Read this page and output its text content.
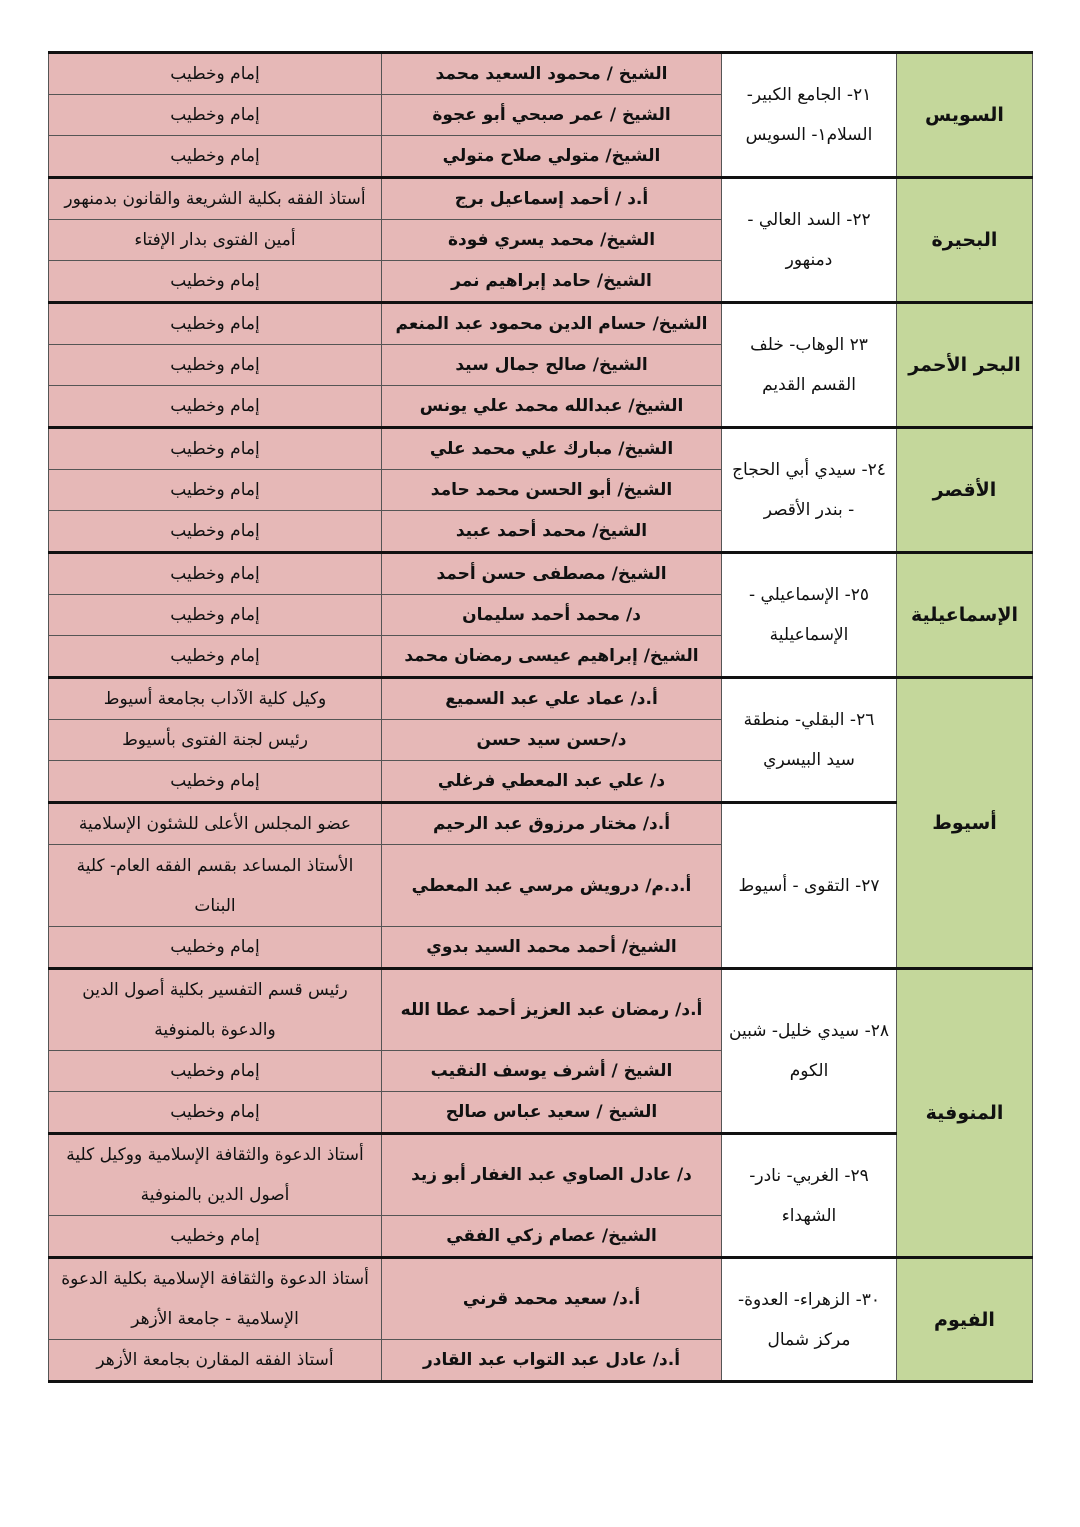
السويس	٢١- الجامع الكبير- السلام١- السويس	الشيخ / محمود السعيد محمد	إمام وخطيب
		الشيخ / عمر صبحي أبو عجوة	إمام وخطيب
		الشيخ/ متولي صلاح متولي	إمام وخطيب
البحيرة	٢٢- السد العالي - دمنهور	أ.د / أحمد إسماعيل برج	أستاذ الفقه بكلية الشريعة والقانون بدمنهور
		الشيخ/ محمد يسري فودة	أمين الفتوى بدار الإفتاء
		الشيخ/ حامد إبراهيم نمر	إمام وخطيب
البحر الأحمر	٢٣ الوهاب- خلف القسم القديم	الشيخ/ حسام الدين محمود عبد المنعم	إمام وخطيب
		الشيخ/ صالح جمال سيد	إمام وخطيب
		الشيخ/ عبدالله محمد علي يونس	إمام وخطيب
الأقصر	٢٤- سيدي أبي الحجاج - بندر الأقصر	الشيخ/ مبارك علي محمد علي	إمام وخطيب
		الشيخ/ أبو الحسن محمد حامد	إمام وخطيب
		الشيخ/ محمد أحمد عبيد	إمام وخطيب
الإسماعيلية	٢٥- الإسماعيلي - الإسماعيلية	الشيخ/ مصطفى حسن أحمد	إمام وخطيب
		د/ محمد أحمد سليمان	إمام وخطيب
		الشيخ/ إبراهيم عيسى رمضان محمد	إمام وخطيب
أسيوط	٢٦- البقلي- منطقة سيد البيسري	أ.د/ عماد علي عبد السميع	وكيل كلية الآداب بجامعة أسيوط
		د/حسن سيد حسن	رئيس لجنة الفتوى بأسيوط
		د/ علي عبد المعطي فرغلي	إمام وخطيب
	٢٧- التقوى - أسيوط	أ.د/ مختار مرزوق عبد الرحيم	عضو المجلس الأعلى للشئون الإسلامية
		أ.د.م/ درويش مرسي عبد المعطي	الأستاذ المساعد بقسم الفقه العام- كلية البنات
		الشيخ/ أحمد محمد السيد بدوي	إمام وخطيب
المنوفية	٢٨- سيدي خليل- شبين الكوم	أ.د/ رمضان عبد العزيز أحمد عطا الله	رئيس قسم التفسير بكلية أصول الدين والدعوة بالمنوفية
		الشيخ / أشرف يوسف النقيب	إمام وخطيب
		الشيخ / سعيد عباس صالح	إمام وخطيب
	٢٩- الغربي- نادر- الشهداء	د/ عادل الصاوي عبد الغفار أبو زيد	أستاذ الدعوة والثقافة الإسلامية ووكيل كلية أصول الدين بالمنوفية
		الشيخ/ عصام زكي الفقي	إمام وخطيب
الفيوم	٣٠- الزهراء- العدوة- مركز شمال	أ.د/ سعيد محمد قرني	أستاذ الدعوة والثقافة الإسلامية بكلية الدعوة الإسلامية - جامعة الأزهر
		أ.د/ عادل عبد التواب عبد القادر	أستاذ الفقه المقارن بجامعة الأزهر
